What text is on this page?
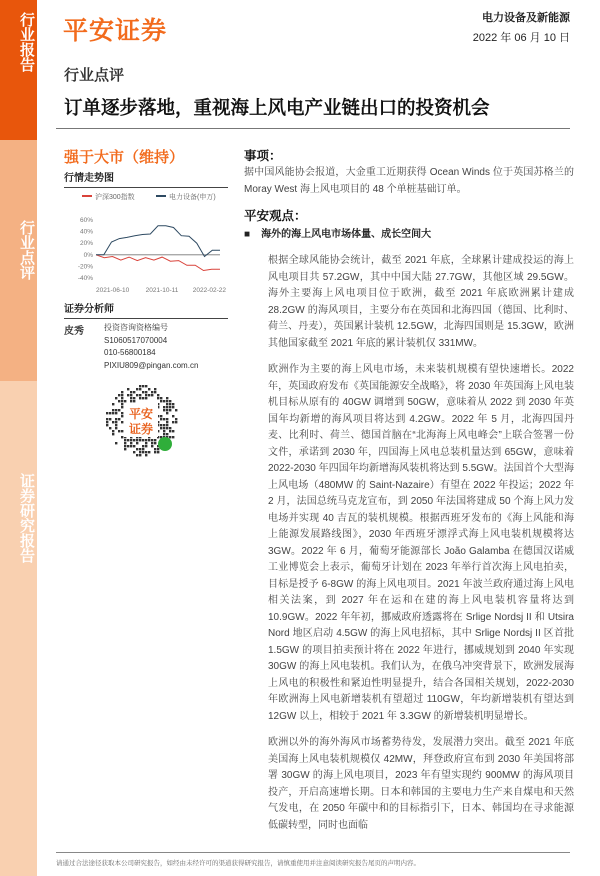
行业报告
行业点评
证券研究报告
平安证券	电力设备及新能源
2022 年 06 月 10 日
行业点评
订单逐步落地，重视海上风电产业链出口的投资机会
强于大市（维持）
行情走势图
沪深300指数	电力设备(申万)
60%
40%
20%
0%
-20%
-40%
2021-06-10	2021-10-11 2022-02-22
证券分析师
皮秀	投资咨询资格编号
S1060517070004
010-56800184
PIXIU809@pingan.com.cn
平安
证券
事项：
据中国风能协会报道，大金重工近期获得 Ocean Winds 位于英国苏格兰的 Moray West 海上风电项目的 48 个单桩基础订单。
平安观点：
■    海外的海上风电市场体量、成长空间大
根据全球风能协会统计，截至 2021 年底，全球累计建成投运的海上风电项目共 57.2GW，其中中国大陆 27.7GW，其他区域 29.5GW。海外主要海上风电项目位于欧洲，截至 2021 年底欧洲累计建成 28.2GW 的海风项目，主要分布在英国和北海四国（德国、比利时、荷兰、丹麦），英国累计装机 12.5GW，北海四国则是 15.3GW，欧洲其他国家截至 2021 年底的累计装机仅 331MW。
欧洲作为主要的海上风电市场，未来装机规模有望快速增长。2022 年，英国政府发布《英国能源安全战略》，将 2030 年英国海上风电装机目标从原有的 40GW 调增到 50GW，意味着从 2022 到 2030 年英国年均新增的海风项目将达到 4.2GW。2022 年 5 月，北海四国丹麦、比利时、荷兰、德国首脑在“北海海上风电峰会”上联合签署一份文件，承诺到 2030 年，四国海上风电总装机量达到 65GW，意味着 2022-2030 年四国年均新增海风装机将达到 5.5GW。法国首个大型海上风电场（480MW 的 Saint-Nazaire）有望在 2022 年投运；2022 年 2 月，法国总统马克龙宣布，到 2050 年法国将建成 50 个海上风力发电场并实现 40 吉瓦的装机规模。根据西班牙发布的《海上风能和海上能源发展路线图》，2030 年西班牙漂浮式海上风电装机规模将达 3GW。2022 年 6 月，葡萄牙能源部长 João Galamba 在德国汉诺威工业博览会上表示，葡萄牙计划在 2023 年举行首次海上风电拍卖，目标是授予 6-8GW 的海上风电项目。2021 年波兰政府通过海上风电相关法案，到 2027 年在运和在建的海上风电装机容量将达到 10.9GW。2022 年年初，挪威政府透露将在 Srlige Nordsj II 和 Utsira Nord 地区启动 4.5GW 的海上风电招标，其中 Srlige Nordsj II 区首批 1.5GW 的项目拍卖预计将在 2022 年进行，挪威规划到 2040 年实现 30GW 的海上风电装机。我们认为，在俄乌冲突背景下，欧洲发展海上风电的积极性和紧迫性明显提升，结合各国相关规划，2022-2030 年欧洲海上风电新增装机有望超过 110GW，年均新增装机有望达到 12GW 以上，相较于 2021 年 3.3GW 的新增装机明显增长。
欧洲以外的海外海风市场蓄势待发，发展潜力突出。截至 2021 年底美国海上风电装机规模仅 42MW，拜登政府宣布到 2030 年美国将部署 30GW 的海上风电项目，2023 年有望实现约 900MW 的海风项目投产，开启高速增长期。日本和韩国的主要电力生产来自煤电和天然气发电，在 2050 年碳中和的目标指引下，日本、韩国均在寻求能源低碳转型，同时也面临
请通过合法途径获取本公司研究报告，如经由未经许可的渠道获得研究报告，请慎重使用并注意阅读研究报告尾页的声明内容。
